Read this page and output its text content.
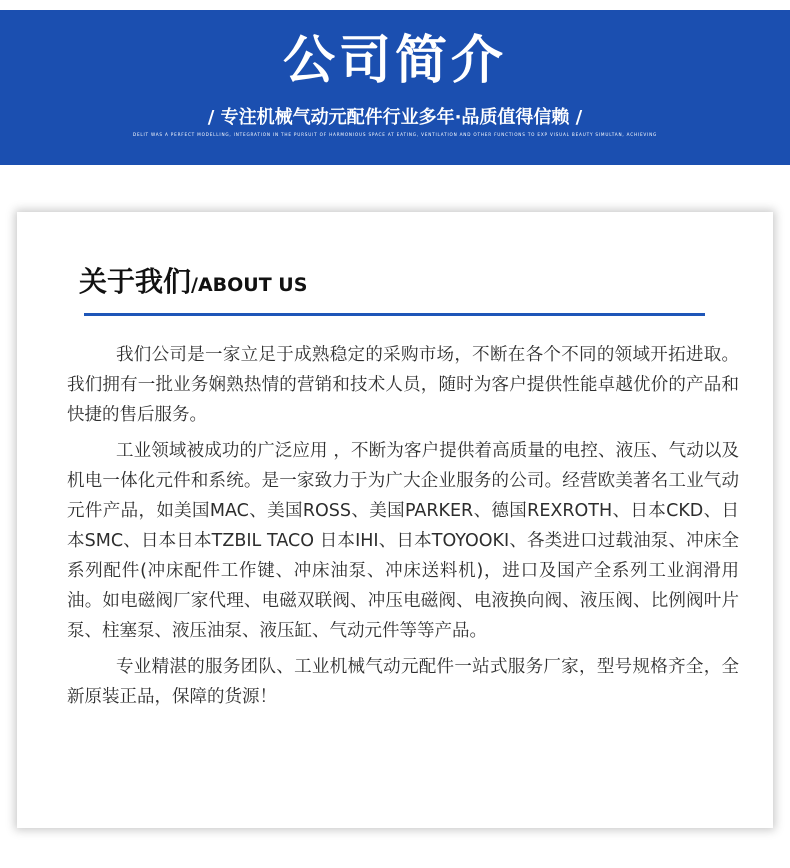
公司简介
/ 专注机械气动元配件行业多年·品质值得信赖 /
DELIT WAS A PERFECT MODELLING, INTEGRATION IN THE PURSUIT OF HARMONIOUS SPACE AT EATING, VENTILATION AND OTHER FUNCTIONS TO EXP VISUAL BEAUTY SIMULTAN, ACHIEVING
关于我们/ABOUT US

我们公司是一家立足于成熟稳定的采购市场，不断在各个不同的领域开拓进取。我们拥有一批业务娴熟热情的营销和技术人员，随时为客户提供性能卓越优价的产品和快捷的售后服务。

工业领域被成功的广泛应用 ，不断为客户提供着高质量的电控、液压、气动以及机电一体化元件和系统。是一家致力于为广大企业服务的公司。经营欧美著名工业气动元件产品，如美国MAC、美国ROSS、美国PARKER、德国REXROTH、日本CKD、日本SMC、日本日本TZBIL TACO 日本IHI、日本TOYOOKI、各类进口过载油泵、冲床全系列配件(冲床配件工作键、冲床油泵、冲床送料机)，进口及国产全系列工业润滑用油。如电磁阀厂家代理、电磁双联阀、冲压电磁阀、电液换向阀、液压阀、比例阀叶片泵、柱塞泵、液压油泵、液压缸、气动元件等等产品。

专业精湛的服务团队、工业机械气动元配件一站式服务厂家，型号规格齐全，全新原装正品，保障的货源！
